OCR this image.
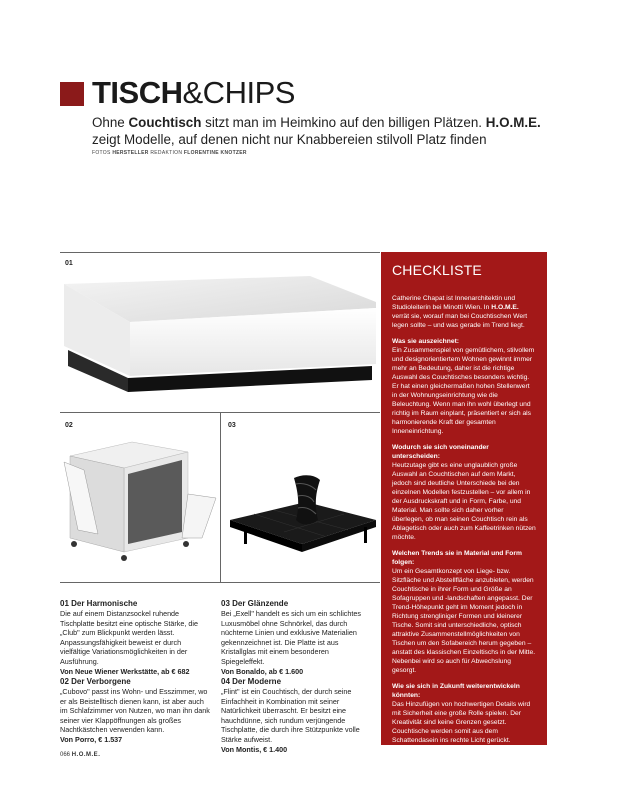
TISCH&CHIPS
Ohne Couchtisch sitzt man im Heimkino auf den billigen Plätzen. H.O.M.E. zeigt Modelle, auf denen nicht nur Knabbereien stilvoll Platz finden
FOTOS HERSTELLER REDAKTION FLORENTINE KNOTZER
01
02	03
01 Der Harmonische
Die auf einem Distanzsockel ruhende Tischplatte besitzt eine optische Stärke, die „Club" zum Blickpunkt werden lässt. Anpassungsfähigkeit beweist er durch vielfältige Variationsmöglichkeiten in der Ausführung.
Von Neue Wiener Werkstätte, ab € 682
02 Der Verborgene
„Cubovo" passt ins Wohn- und Esszimmer, wo er als Beistelltisch dienen kann, ist aber auch im Schlafzimmer von Nutzen, wo man ihn dank seiner vier Klappöffnungen als großes Nachtkästchen verwenden kann.
Von Porro, € 1.537
03 Der Glänzende
Bei „Exell" handelt es sich um ein schlichtes Luxusmöbel ohne Schnörkel, das durch nüchterne Linien und exklusive Materialien gekennzeichnet ist. Die Platte ist aus Kristallglas mit einem besonderen Spiegeleffekt.
Von Bonaldo, ab € 1.600
04 Der Moderne
„Flint" ist ein Couchtisch, der durch seine Einfachheit in Kombination mit seiner Natürlichkeit überrascht. Er besitzt eine hauchdünne, sich rundum verjüngende Tischplatte, die durch ihre Stützpunkte volle Stärke aufweist.
Von Montis, € 1.400
CHECKLISTE

Catherine Chapat ist Innenarchitektin und Studioleiterin bei Minotti Wien. In H.O.M.E. verrät sie, worauf man bei Couchtischen Wert legen sollte – und was gerade im Trend liegt.

Was sie auszeichnet:
Ein Zusammenspiel von gemütlichem, stilvollem und designorientiertem Wohnen gewinnt immer mehr an Bedeutung, daher ist die richtige Auswahl des Couchtisches besonders wichtig. Er hat einen gleichermaßen hohen Stellenwert in der Wohnungseinrichtung wie die Beleuchtung. Wenn man ihn wohl überlegt und richtig im Raum einplant, präsentiert er sich als harmonierende Kraft der gesamten Inneneinrichtung.

Wodurch sie sich voneinander unterscheiden:
Heutzutage gibt es eine unglaublich große Auswahl an Couchtischen auf dem Markt, jedoch sind deutliche Unterschiede bei den einzelnen Modellen festzustellen – vor allem in der Ausdruckskraft und in Form, Farbe, und Material. Man sollte sich daher vorher überlegen, ob man seinen Couchtisch rein als Ablagetisch oder auch zum Kaffeetrinken nützen möchte.

Welchen Trends sie in Material und Form folgen:
Um ein Gesamtkonzept von Liege- bzw. Sitzfläche und Abstellfläche anzubieten, werden Couchtische in ihrer Form und Größe an Sofagruppen und -landschaften angepasst. Der Trend-Höhepunkt geht im Moment jedoch in Richtung strengliniger Formen und kleinerer Tische. Somit sind unterschiedliche, optisch attraktive Zusammenstellmöglichkeiten von Tischen um den Sofabereich herum gegeben – anstatt des klassischen Einzeltischs in der Mitte. Nebenbei wird so auch für Abwechslung gesorgt.

Wie sie sich in Zukunft weiterentwickeln könnten:
Das Hinzufügen von hochwertigen Details wird mit Sicherheit eine große Rolle spielen. Der Kreativität sind keine Grenzen gesetzt. Couchtische werden somit aus dem Schattendasein ins rechte Licht gerückt.

066 H.O.M.E.
